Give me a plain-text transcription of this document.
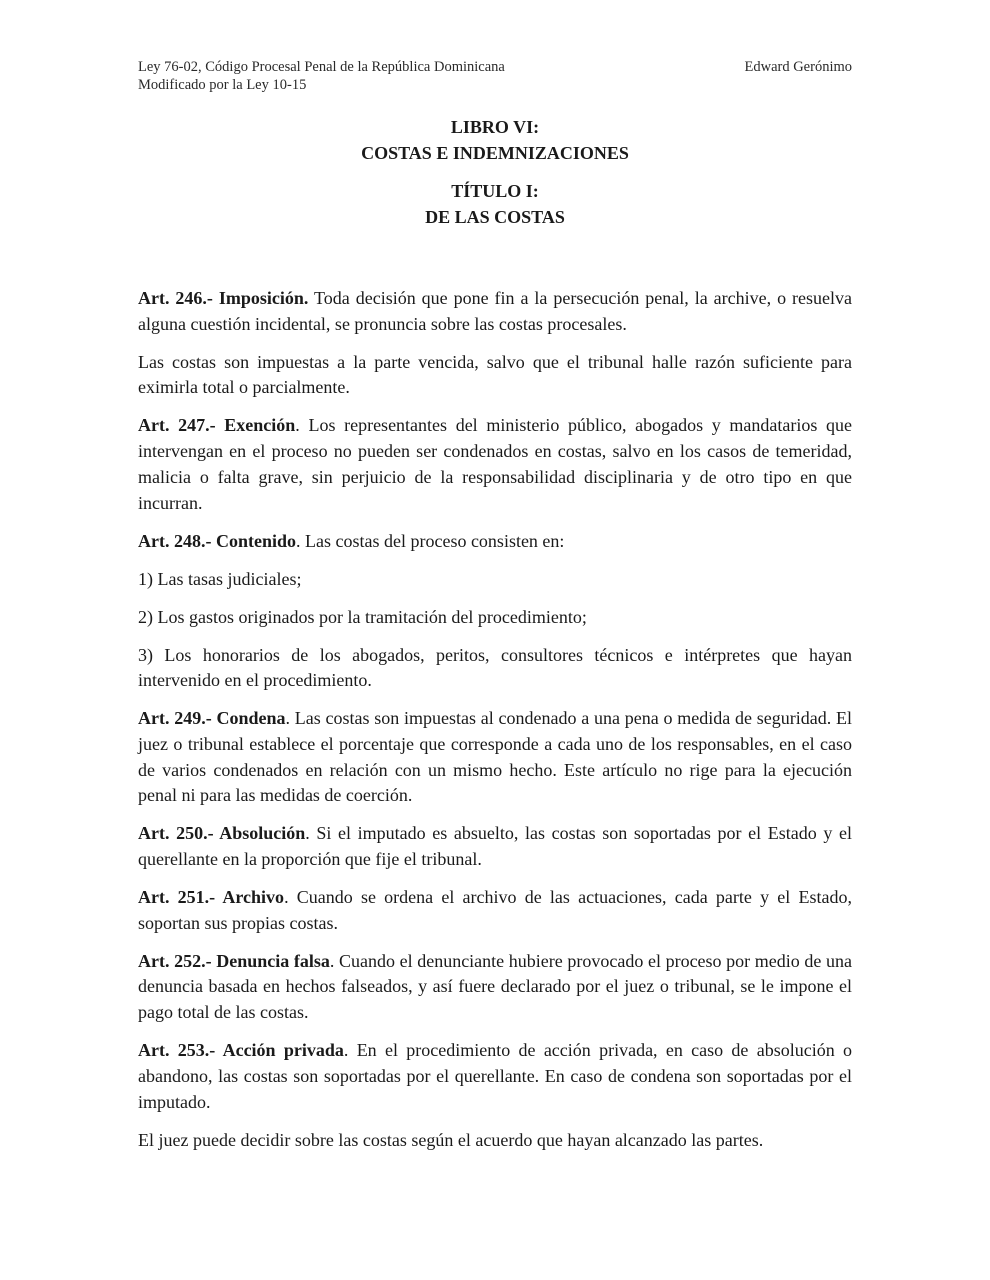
Ley 76-02, Código Procesal Penal de la República Dominicana
Modificado por la Ley 10-15
Edward Gerónimo
LIBRO VI:
COSTAS E INDEMNIZACIONES
TÍTULO I:
DE LAS COSTAS

Art. 246.- Imposición. Toda decisión que pone fin a la persecución penal, la archive, o resuelva alguna cuestión incidental, se pronuncia sobre las costas procesales.

Las costas son impuestas a la parte vencida, salvo que el tribunal halle razón suficiente para eximirla total o parcialmente.

Art. 247.- Exención. Los representantes del ministerio público, abogados y mandatarios que intervengan en el proceso no pueden ser condenados en costas, salvo en los casos de temeridad, malicia o falta grave, sin perjuicio de la responsabilidad disciplinaria y de otro tipo en que incurran.

Art. 248.- Contenido. Las costas del proceso consisten en:

1) Las tasas judiciales;

2) Los gastos originados por la tramitación del procedimiento;

3) Los honorarios de los abogados, peritos, consultores técnicos e intérpretes que hayan intervenido en el procedimiento.

Art. 249.- Condena. Las costas son impuestas al condenado a una pena o medida de seguridad. El juez o tribunal establece el porcentaje que corresponde a cada uno de los responsables, en el caso de varios condenados en relación con un mismo hecho. Este artículo no rige para la ejecución penal ni para las medidas de coerción.

Art. 250.- Absolución. Si el imputado es absuelto, las costas son soportadas por el Estado y el querellante en la proporción que fije el tribunal.

Art. 251.- Archivo. Cuando se ordena el archivo de las actuaciones, cada parte y el Estado, soportan sus propias costas.

Art. 252.- Denuncia falsa. Cuando el denunciante hubiere provocado el proceso por medio de una denuncia basada en hechos falseados, y así fuere declarado por el juez o tribunal, se le impone el pago total de las costas.

Art. 253.- Acción privada. En el procedimiento de acción privada, en caso de absolución o abandono, las costas son soportadas por el querellante. En caso de condena son soportadas por el imputado.

El juez puede decidir sobre las costas según el acuerdo que hayan alcanzado las partes.
